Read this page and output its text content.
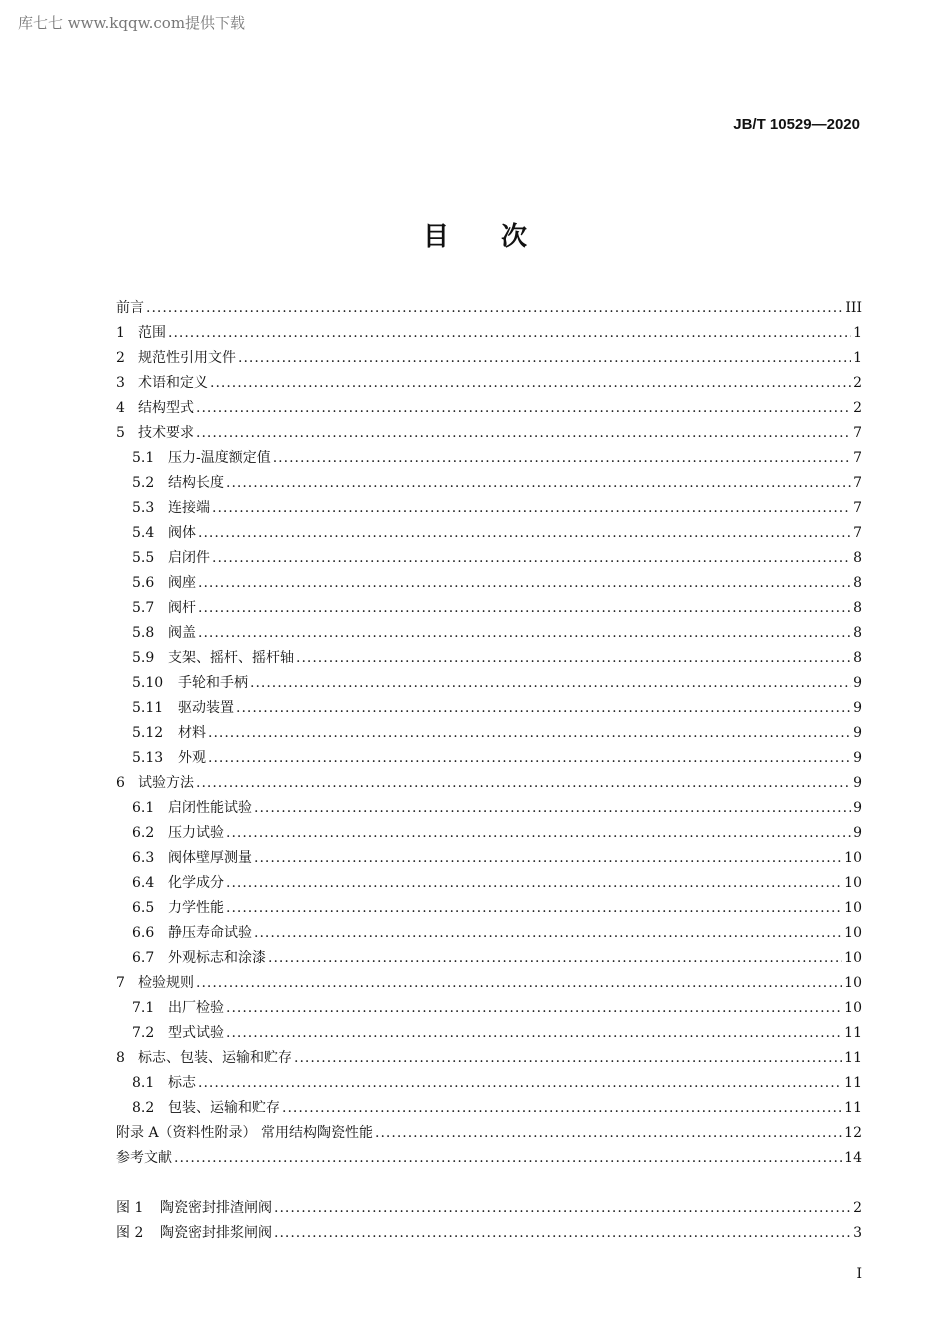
库七七 www.kqqw.com提供下载
JB/T 10529—2020
目次
前言 .....	III
1 范围 .....	1
2 规范性引用文件 .....	1
3 术语和定义 .....	2
4 结构型式 .....	2
5 技术要求 .....	7
5.1 压力-温度额定值 .....	7
5.2 结构长度 .....	7
5.3 连接端 .....	7
5.4 阀体 .....	7
5.5 启闭件 .....	8
5.6 阀座 .....	8
5.7 阀杆 .....	8
5.8 阀盖 .....	8
5.9 支架、摇杆、摇杆轴 .....	8
5.10	手轮和手柄 .....	9
5.11	驱动装置 .....	9
5.12	材料 .....	9
5.13	外观 .....	9
6 试验方法 .....	9
6.1 启闭性能试验 .....	9
6.2 压力试验 .....	9
6.3 阀体壁厚测量 .....	10
6.4 化学成分 .....	10
6.5 力学性能 .....	10
6.6 静压寿命试验 .....	10
6.7 外观标志和涂漆 .....	10
7 检验规则 .....	10
7.1 出厂检验 .....	10
7.2 型式试验 .....	11
8 标志、包装、运输和贮存 .....	11
8.1 标志 .....	11
8.2 包装、运输和贮存 .....	11
附录 A（资料性附录） 常用结构陶瓷性能 .....	12
参考文献 .....	14
图 1	陶瓷密封排渣闸阀 .....	2
图 2	陶瓷密封排浆闸阀 .....	3
I
